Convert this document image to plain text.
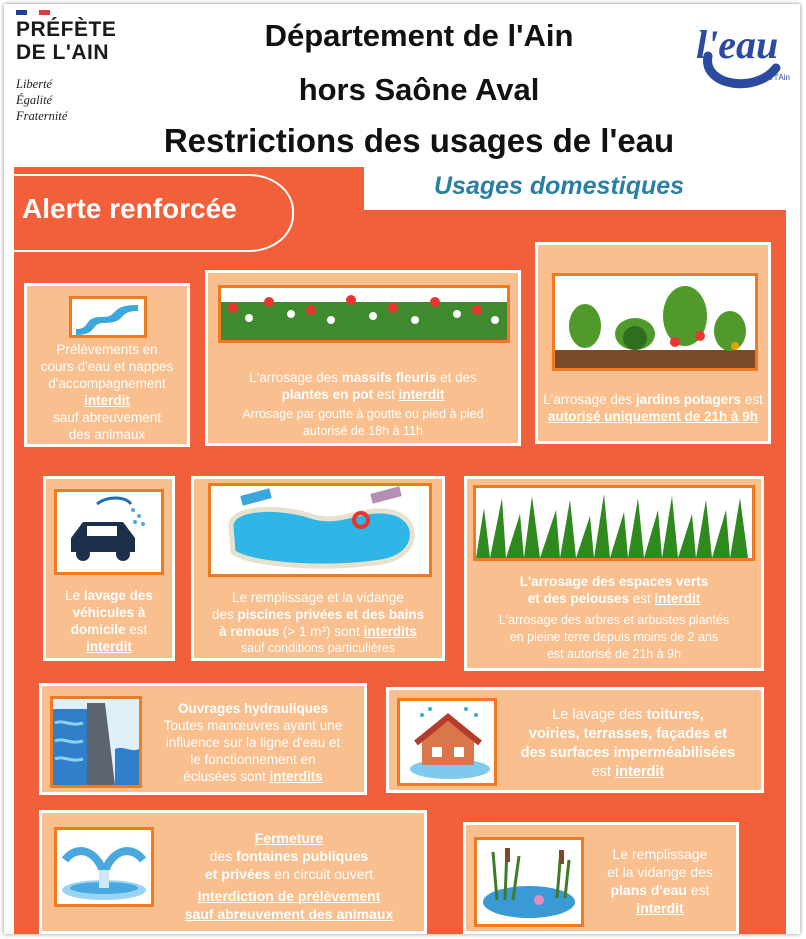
PRÉFÈTE
DE L'AIN
Liberté
Égalité
Fraternité
Département de l'Ain
hors Saône Aval
Restrictions des usages de l'eau
l'eau
de l'Ain
Usages domestiques
Alerte renforcée
Prélèvements en
cours d'eau et nappes
d'accompagnement
interdit
sauf abreuvement
des animaux
L'arrosage des massifs fleuris et des
plantes en pot est interdit
Arrosage par goutte à goutte ou pied à pied
autorisé de 18h à 11h
L'arrosage des jardins potagers est
autorisé uniquement de 21h à 9h
Le lavage des
véhicules à
domicile est
interdit
Le remplissage et la vidange
des piscines privées et des bains
à remous (> 1 m³) sont interdits
sauf conditions particulières
L'arrosage des espaces verts
et des pelouses est interdit
L'arrosage des arbres et arbustes plantés
en pleine terre depuis moins de 2 ans
est autorisé de 21h à 9h
Ouvrages hydrauliques
Toutes manœuvres ayant une
influence sur la ligne d'eau et
le fonctionnement en
éclusées sont interdits
Le lavage des toitures,
voiries, terrasses, façades et
des surfaces imperméabilisées
est interdit
Fermeture
des fontaines publiques
et privées en circuit ouvert
Interdiction de prélèvement
sauf abreuvement des animaux
Le remplissage
et la vidange des
plans d'eau est
interdit
